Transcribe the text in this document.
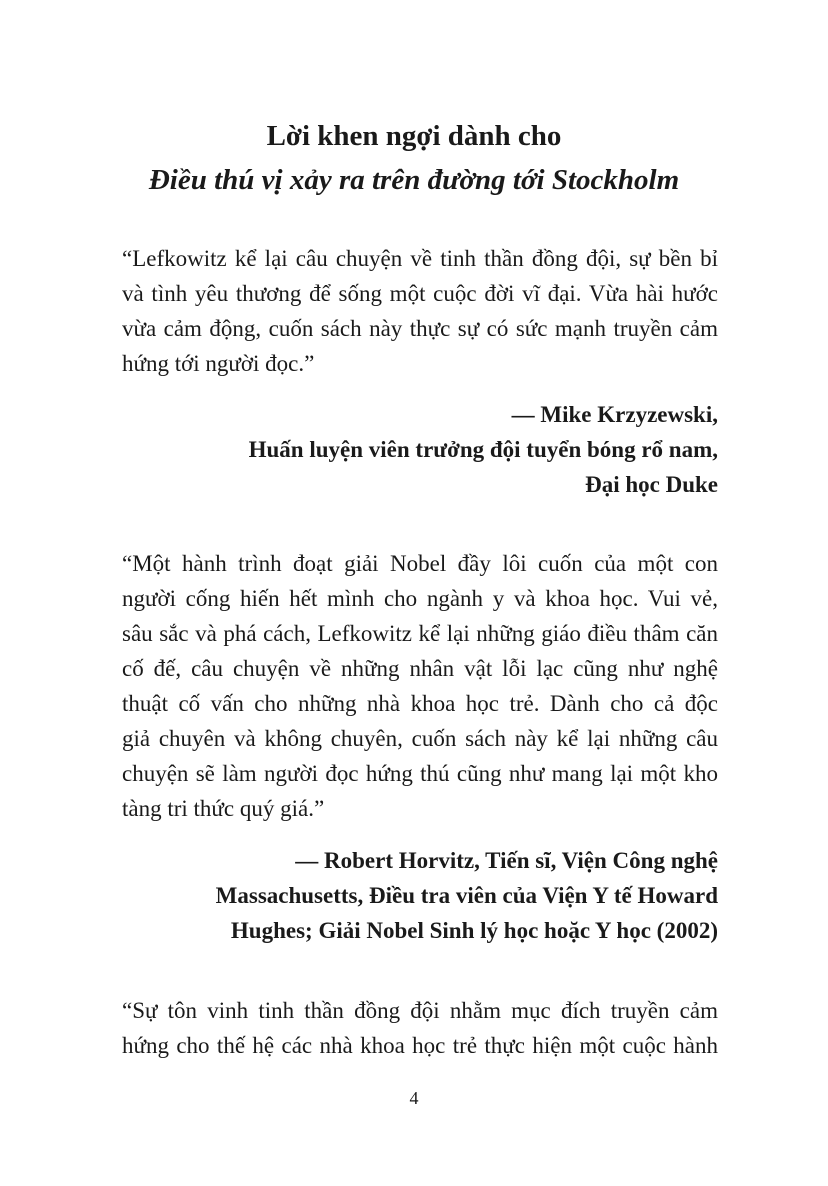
Lời khen ngợi dành cho
Điều thú vị xảy ra trên đường tới Stockholm
“Lefkowitz kể lại câu chuyện về tinh thần đồng đội, sự bền bỉ
và tình yêu thương để sống một cuộc đời vĩ đại. Vừa hài hước
vừa cảm động, cuốn sách này thực sự có sức mạnh truyền cảm
hứng tới người đọc.”
— Mike Krzyzewski,
Huấn luyện viên trưởng đội tuyển bóng rổ nam,
Đại học Duke
“Một hành trình đoạt giải Nobel đầy lôi cuốn của một con
người cống hiến hết mình cho ngành y và khoa học. Vui vẻ,
sâu sắc và phá cách, Lefkowitz kể lại những giáo điều thâm căn
cố đế, câu chuyện về những nhân vật lỗi lạc cũng như nghệ
thuật cố vấn cho những nhà khoa học trẻ. Dành cho cả độc
giả chuyên và không chuyên, cuốn sách này kể lại những câu
chuyện sẽ làm người đọc hứng thú cũng như mang lại một kho
tàng tri thức quý giá.”
— Robert Horvitz, Tiến sĩ, Viện Công nghệ
Massachusetts, Điều tra viên của Viện Y tế Howard
Hughes; Giải Nobel Sinh lý học hoặc Y học (2002)
“Sự tôn vinh tinh thần đồng đội nhằm mục đích truyền cảm
hứng cho thế hệ các nhà khoa học trẻ thực hiện một cuộc hành
4
